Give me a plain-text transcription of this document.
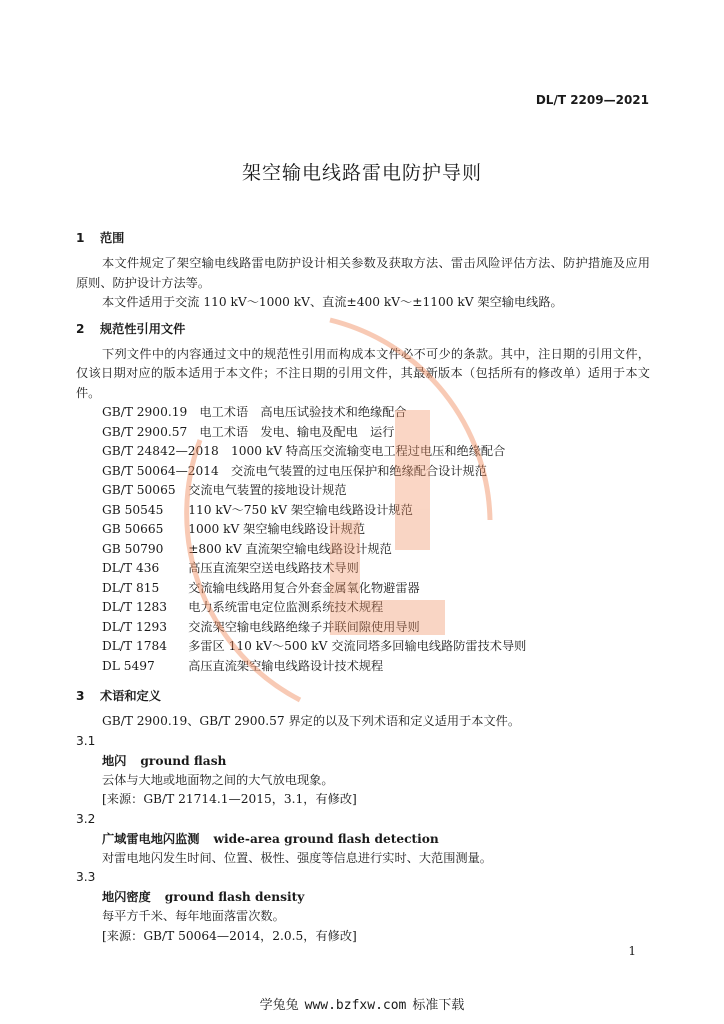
DL/T 2209—2021
架空输电线路雷电防护导则
1 范围

本文件规定了架空输电线路雷电防护设计相关参数及获取方法、雷击风险评估方法、防护措施及应用原则、防护设计方法等。

本文件适用于交流 110 kV～1000 kV、直流±400 kV～±1100 kV 架空输电线路。

2 规范性引用文件

下列文件中的内容通过文中的规范性引用而构成本文件必不可少的条款。其中，注日期的引用文件，仅该日期对应的版本适用于本文件；不注日期的引用文件，其最新版本（包括所有的修改单）适用于本文件。

GB/T 2900.19　 电工术语　高电压试验技术和绝缘配合
GB/T 2900.57　 电工术语　发电、输电及配电　运行
GB/T 24842—2018　 1000 kV 特高压交流输变电工程过电压和绝缘配合
GB/T 50064—2014　 交流电气装置的过电压保护和绝缘配合设计规范
GB/T 50065　 交流电气装置的接地设计规范
GB 50545　 110 kV～750 kV 架空输电线路设计规范
GB 50665　 1000 kV 架空输电线路设计规范
GB 50790　 ±800 kV 直流架空输电线路设计规范
DL/T 436　 高压直流架空送电线路技术导则
DL/T 815　 交流输电线路用复合外套金属氧化物避雷器
DL/T 1283　 电力系统雷电定位监测系统技术规程
DL/T 1293　 交流架空输电线路绝缘子并联间隙使用导则
DL/T 1784　 多雷区 110 kV～500 kV 交流同塔多回输电线路防雷技术导则
DL 5497　	高压直流架空输电线路设计技术规程
3 术语和定义

GB/T 2900.19、GB/T 2900.57 界定的以及下列术语和定义适用于本文件。

3.1
地闪 ground flash

云体与大地或地面物之间的大气放电现象。

[来源：GB/T 21714.1—2015，3.1，有修改]

3.2
广域雷电地闪监测 wide-area ground flash detection

对雷电地闪发生时间、位置、极性、强度等信息进行实时、大范围测量。

3.3
地闪密度 ground flash density

每平方千米、每年地面落雷次数。

[来源：GB/T 50064—2014，2.0.5，有修改]

1
学兔兔 www.bzfxw.com 标准下载
